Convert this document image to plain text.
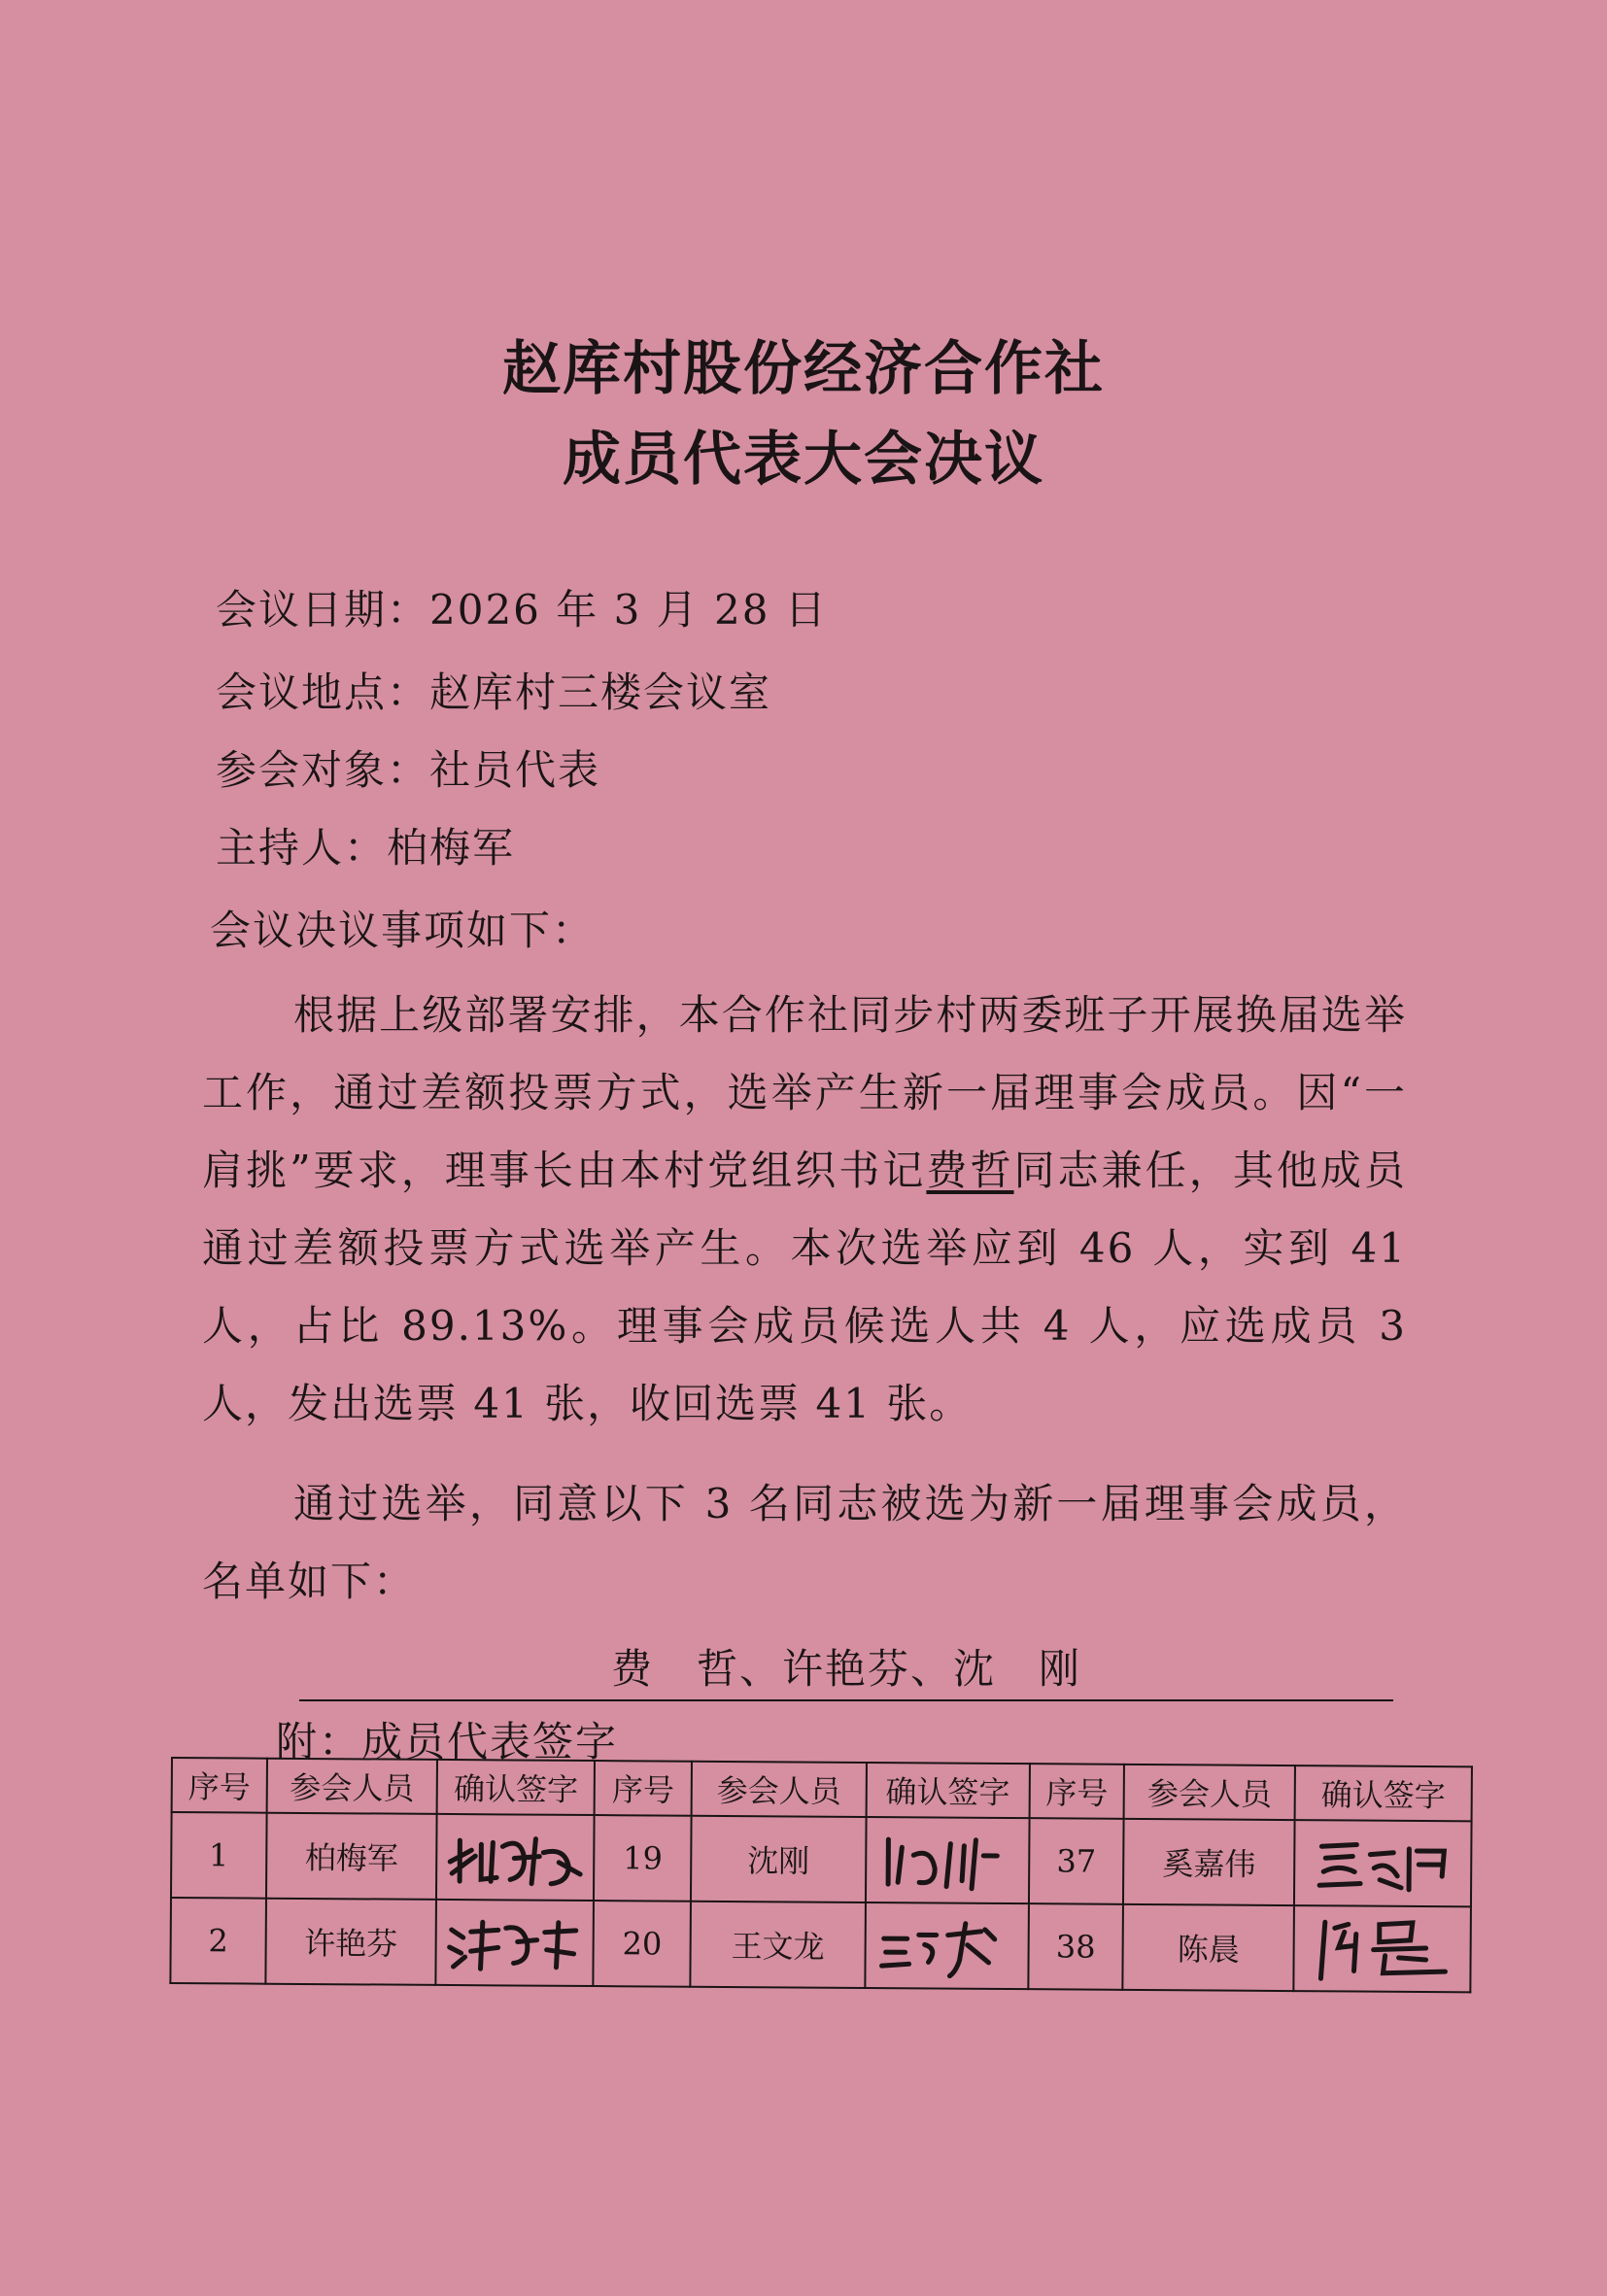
赵库村股份经济合作社
成员代表大会决议
会议日期：2026 年 3 月 28 日
会议地点：赵库村三楼会议室
参会对象：社员代表
主持人：柏梅军
会议决议事项如下：

根据上级部署安排，本合作社同步村两委班子开展换届选举工作，通过差额投票方式，选举产生新一届理事会成员。因“一肩挑”要求，理事长由本村党组织书记费哲同志兼任，其他成员通过差额投票方式选举产生。本次选举应到 46 人，实到 41 人，占比 89.13%。理事会成员候选人共 4 人，应选成员 3 人，发出选票 41 张，收回选票 41 张。

通过选举，同意以下 3 名同志被选为新一届理事会成员，名单如下：

费　哲、许艳芬、沈　刚
附：成员代表签字
序号	参会人员	确认签字	序号	参会人员	确认签字	序号	参会人员	确认签字
1	柏梅军		19	沈刚		37	奚嘉伟	

2	许艳芬		20	王文龙		38	陈晨	
